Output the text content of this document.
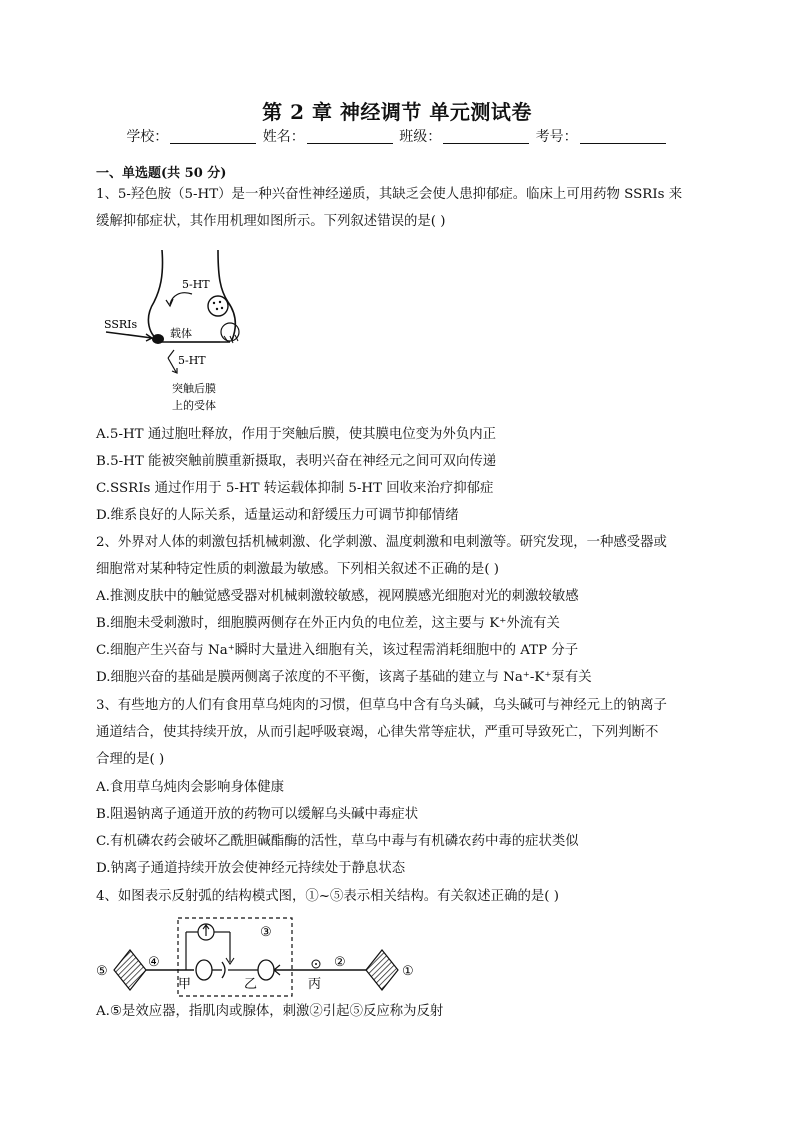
第 2 章 神经调节 单元测试卷
学校：	姓名：	班级：	考号：
一、单选题(共 50 分)
1、5-羟色胺（5-HT）是一种兴奋性神经递质，其缺乏会使人患抑郁症。临床上可用药物 SSRIs 来
缓解抑郁症状，其作用机理如图所示。下列叙述错误的是( )
5-HT
SSRIs
载体
5-HT
突触后膜
上的受体
A.5-HT 通过胞吐释放，作用于突触后膜，使其膜电位变为外负内正
B.5-HT 能被突触前膜重新摄取，表明兴奋在神经元之间可双向传递
C.SSRIs 通过作用于 5-HT 转运载体抑制 5-HT 回收来治疗抑郁症
D.维系良好的人际关系，适量运动和舒缓压力可调节抑郁情绪
2、外界对人体的刺激包括机械刺激、化学刺激、温度刺激和电刺激等。研究发现，一种感受器或
细胞常对某种特定性质的刺激最为敏感。下列相关叙述不正确的是( )
A.推测皮肤中的触觉感受器对机械刺激较敏感，视网膜感光细胞对光的刺激较敏感
B.细胞未受刺激时，细胞膜两侧存在外正内负的电位差，这主要与 K⁺外流有关
C.细胞产生兴奋与 Na⁺瞬时大量进入细胞有关，该过程需消耗细胞中的 ATP 分子
D.细胞兴奋的基础是膜两侧离子浓度的不平衡，该离子基础的建立与 Na⁺-K⁺泵有关
3、有些地方的人们有食用草乌炖肉的习惯，但草乌中含有乌头碱，乌头碱可与神经元上的钠离子
通道结合，使其持续开放，从而引起呼吸衰竭，心律失常等症状，严重可导致死亡，下列判断不
合理的是( )
A.食用草乌炖肉会影响身体健康
B.阻遏钠离子通道开放的药物可以缓解乌头碱中毒症状
C.有机磷农药会破坏乙酰胆碱酯酶的活性，草乌中毒与有机磷农药中毒的症状类似
D.钠离子通道持续开放会使神经元持续处于静息状态
4、如图表示反射弧的结构模式图，①~⑤表示相关结构。有关叙述正确的是( )
⑤
④
③
②
①
甲	乙	丙
A.⑤是效应器，指肌肉或腺体，刺激②引起⑤反应称为反射
